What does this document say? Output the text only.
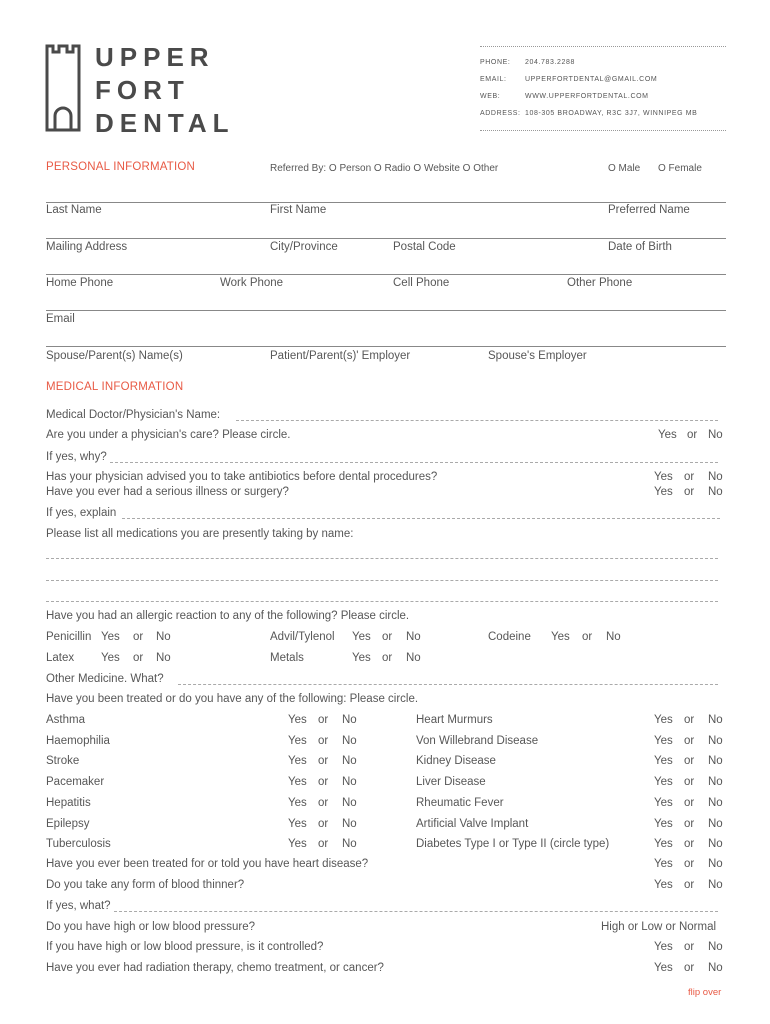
UPPER
FORT
DENTAL
PHONE: 204.783.2288
EMAIL:	UPPERFORTDENTAL@GMAIL.COM
WEB:	WWW.UPPERFORTDENTAL.COM
ADDRESS: 108-305 BROADWAY, R3C 3J7, WINNIPEG MB
PERSONAL INFORMATION	Referred By: O Person O Radio O Website O Other	O Male O Female
Last Name	First Name	Preferred Name
Mailing Address	City/Province	Postal Code	Date of Birth
Home Phone	Work Phone	Cell Phone	Other Phone
Email
Spouse/Parent(s) Name(s)	Patient/Parent(s)' Employer	Spouse's Employer
MEDICAL INFORMATION
Medical Doctor/Physician's Name:
Are you under a physician's care? Please circle.	Yes or No
If yes, why?
Has your physician advised you to take antibiotics before dental procedures?	Yes or No
Have you ever had a serious illness or surgery?	Yes or No
If yes, explain
Please list all medications you are presently taking by name:
Have you had an allergic reaction to any of the following? Please circle.
Penicillin Yes or No	Advil/Tylenol Yes or No	Codeine Yes or No
Latex Yes or No	Metals	Yes or No
Other Medicine. What?
Have you been treated or do you have any of the following: Please circle.
Asthma	Yes or No
Haemophilia	Yes or No
Stroke	Yes or No
Pacemaker	Yes or No
Hepatitis	Yes or No
Epilepsy	Yes or No
Tuberculosis	Yes or No
Heart Murmurs	Yes or No
Von Willebrand Disease	Yes or No
Kidney Disease	Yes or No
Liver Disease	Yes or No
Rheumatic Fever	Yes or No
Artificial Valve Implant	Yes or No
Diabetes Type I or Type II (circle type)	Yes or No
Have you ever been treated for or told you have heart disease?	Yes or No
Do you take any form of blood thinner?	Yes or No
If yes, what?
Do you have high or low blood pressure?	High or Low or Normal
If you have high or low blood pressure, is it controlled?	Yes or No
Have you ever had radiation therapy, chemo treatment, or cancer?	Yes or No
flip over
